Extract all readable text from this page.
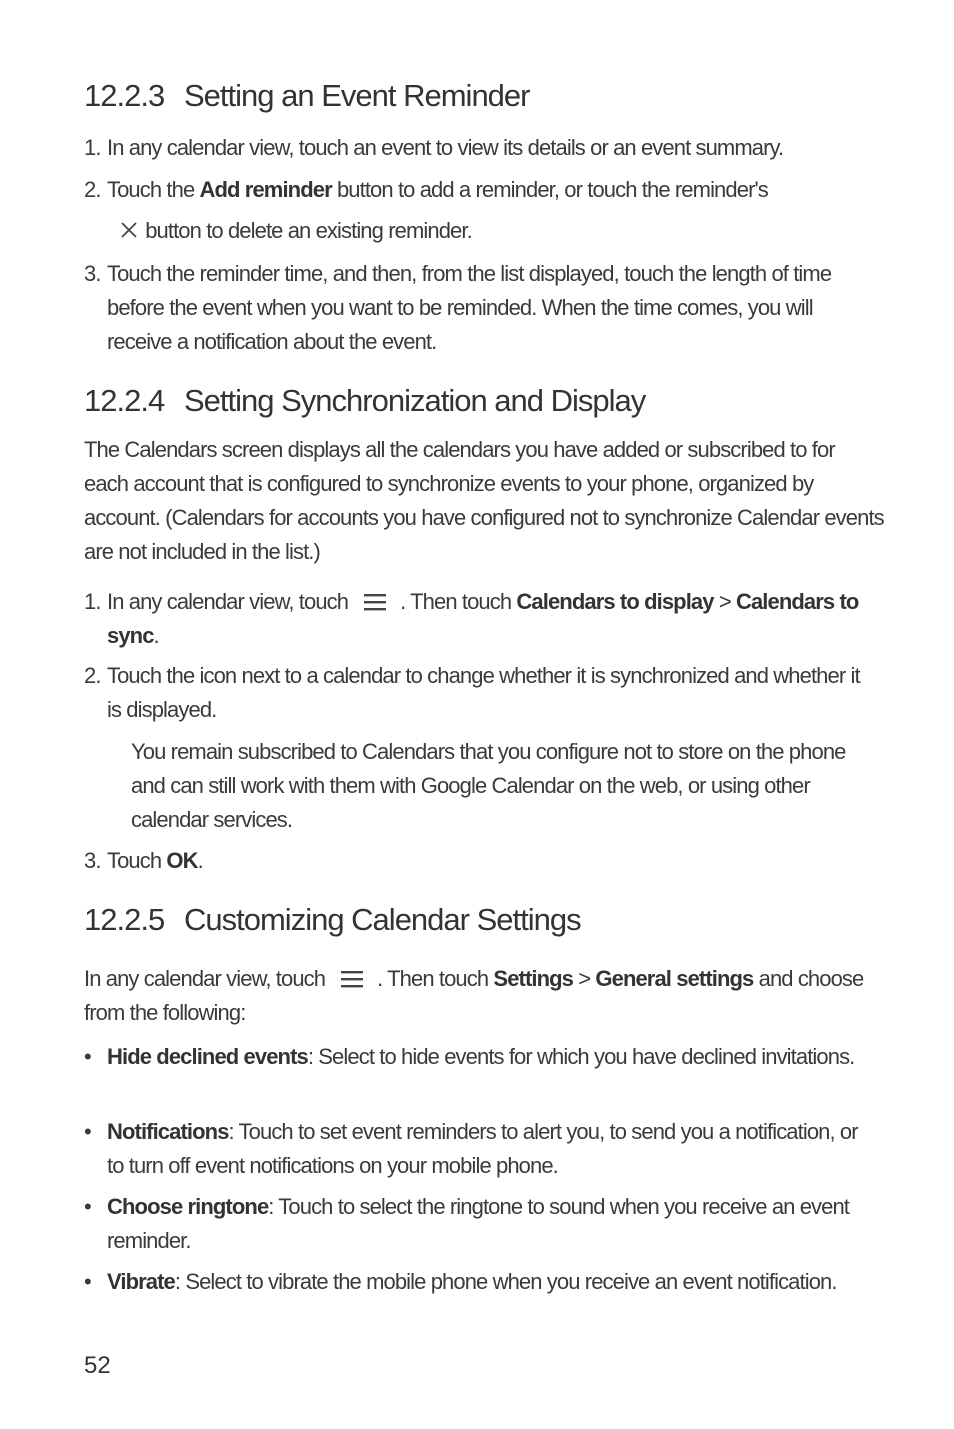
12.2.3 Setting an Event Reminder
1. In any calendar view, touch an event to view its details or an event summary.
2. Touch the Add reminder button to add a reminder, or touch the reminder's
button to delete an existing reminder.
3. Touch the reminder time, and then, from the list displayed, touch the length of time before the event when you want to be reminded. When the time comes, you will receive a notification about the event.
12.2.4 Setting Synchronization and Display

The Calendars screen displays all the calendars you have added or subscribed to for each account that is configured to synchronize events to your phone, organized by account. (Calendars for accounts you have configured not to synchronize Calendar events are not included in the list.)

1. In any calendar view, touch . Then touch Calendars to display > Calendars to sync.
2. Touch the icon next to a calendar to change whether it is synchronized and whether it is displayed.

You remain subscribed to Calendars that you configure not to store on the phone and can still work with them with Google Calendar on the web, or using other calendar services.

3. Touch OK.
12.2.5 Customizing Calendar Settings

In any calendar view, touch . Then touch Settings > General settings and choose from the following:

• Hide declined events: Select to hide events for which you have declined invitations.
• Notifications: Touch to set event reminders to alert you, to send you a notification, or to turn off event notifications on your mobile phone.
• Choose ringtone: Touch to select the ringtone to sound when you receive an event reminder.
• Vibrate: Select to vibrate the mobile phone when you receive an event notification.
52
